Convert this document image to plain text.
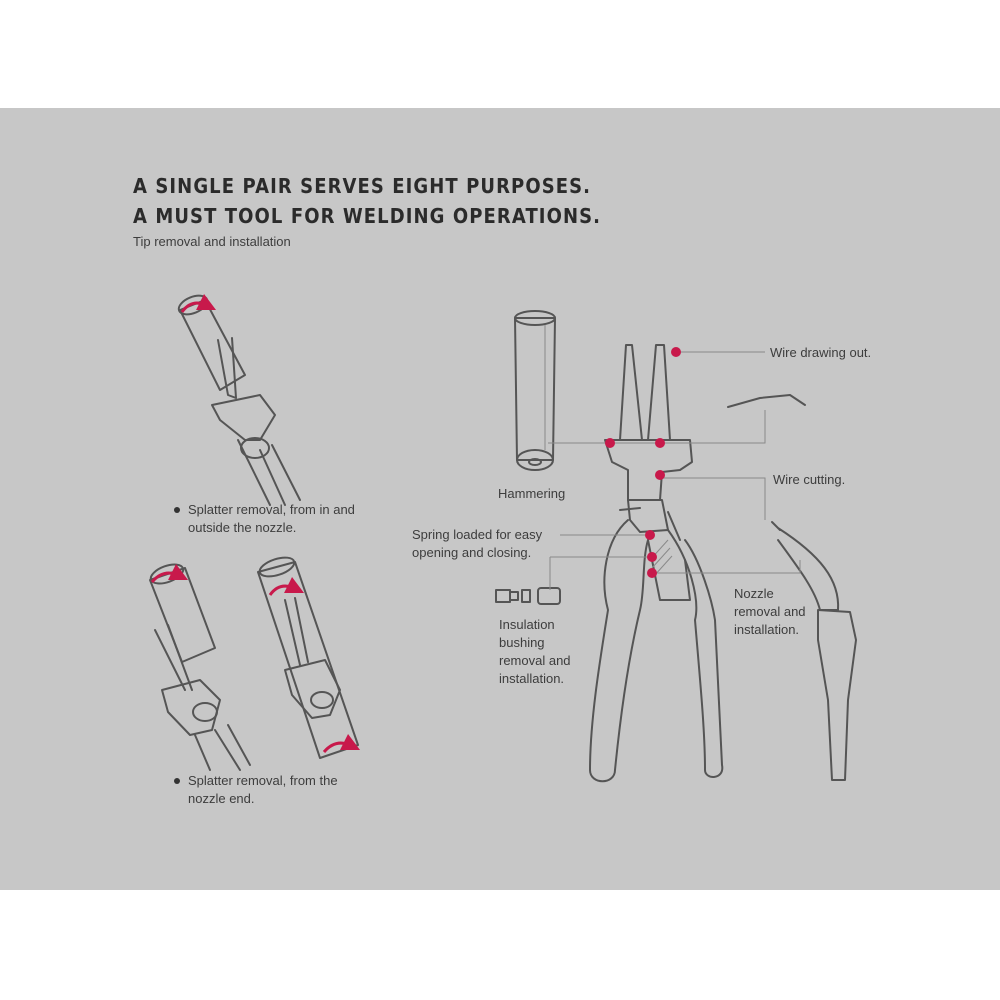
A SINGLE PAIR SERVES EIGHT PURPOSES.
A MUST TOOL FOR WELDING OPERATIONS.
Tip removal and installation
Splatter removal, from in and
outside the nozzle.
Splatter removal, from the
nozzle end.
Wire drawing out.
Wire cutting.
Hammering
Spring loaded for easy
opening and closing.
Nozzle
removal and
installation.
Insulation
bushing
removal and
installation.
